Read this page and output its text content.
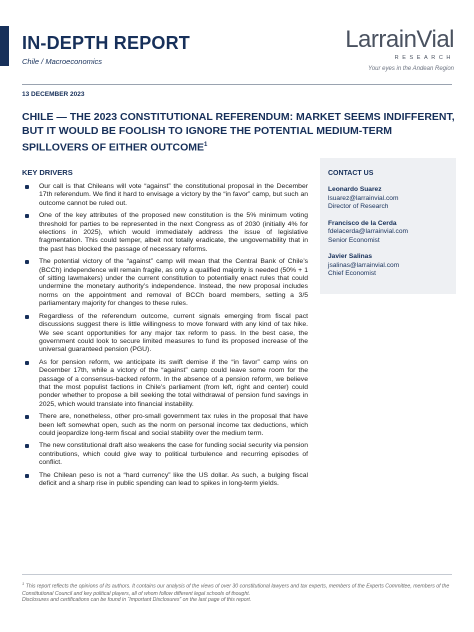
IN-DEPTH REPORT
Chile / Macroeconomics
LarrainVial
RESEARCH
Your eyes in the Andean Region
13 DECEMBER 2023
CHILE — THE 2023 CONSTITUTIONAL REFERENDUM: MARKET SEEMS INDIFFERENT, BUT IT WOULD BE FOOLISH TO IGNORE THE POTENTIAL MEDIUM-TERM SPILLOVERS OF EITHER OUTCOME$^1$
KEY DRIVERS
Our call is that Chileans will vote “against” the constitutional proposal in the December 17th referendum. We find it hard to envisage a victory by the “in favor” camp, but such an outcome cannot be ruled out.
One of the key attributes of the proposed new constitution is the 5% minimum voting threshold for parties to be represented in the next Congress as of 2030 (initially 4% for elections in 2025), which would immediately address the issue of legislative fragmentation. This could temper, albeit not totally eradicate, the ungovernability that in the past has blocked the passage of necessary reforms.
The potential victory of the “against” camp will mean that the Central Bank of Chile’s (BCCh) independence will remain fragile, as only a qualified majority is needed (50% + 1 of sitting lawmakers) under the current constitution to potentially enact rules that could undermine the monetary authority’s independence. Instead, the new proposal includes norms on the appointment and removal of BCCh board members, setting a 3/5 parliamentary majority for changes to these rules.
Regardless of the referendum outcome, current signals emerging from fiscal pact discussions suggest there is little willingness to move forward with any kind of tax hike. We see scant opportunities for any major tax reform to pass. In the best case, the government could look to secure limited measures to fund its proposed increase of the universal guaranteed pension (PGU).
As for pension reform, we anticipate its swift demise if the “in favor” camp wins on December 17th, while a victory of the “against” camp could leave some room for the passage of a consensus-backed reform. In the absence of a pension reform, we believe that the most populist factions in Chile’s parliament (from left, right and center) could ponder whether to propose a bill seeking the total withdrawal of pension fund savings in 2025, which would translate into financial instability.
There are, nonetheless, other pro-small government tax rules in the proposal that have been left somewhat open, such as the norm on personal income tax deductions, which could jeopardize long-term fiscal and social stability over the medium term.
The new constitutional draft also weakens the case for funding social security via pension contributions, which could give way to political turbulence and recurring episodes of conflict.
The Chilean peso is not a “hard currency” like the US dollar. As such, a bulging fiscal deficit and a sharp rise in public spending can lead to spikes in long-term yields.
CONTACT US
Leonardo Suarez
lsuarez@larrainvial.com
Director of Research
Francisco de la Cerda
fdelacerda@larrainvial.com
Senior Economist
Javier Salinas
jsalinas@larrainvial.com
Chief Economist
$^1$ This report reflects the opinions of its authors. It contains our analysis of the views of over 30 constitutional lawyers and tax experts, members of the Experts Committee, members of the Constitutional Council and key political players, all of whom follow different legal schools of thought.
Disclosures and certifications can be found in “Important Disclosures” on the last page of this report.
